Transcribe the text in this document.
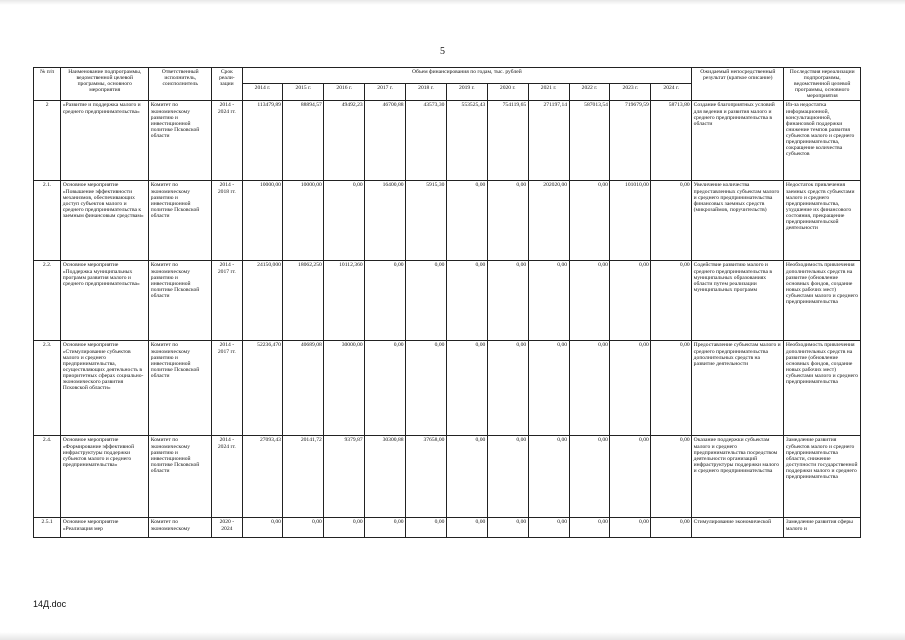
5
№ п/п	Наименование подпрограммы, ведомственной целевой программы, основного мероприятия	Ответственный исполнитель, соисполнитель	Срок реали-зации	Объем финансирования по годам, тыс. рублей											Ожидаемый непосредственный результат (краткое описание)	Последствия нереализации подпрограммы, ведомственной целевой программы, основного мероприятия
				2014 г.	2015 г.	2016 г.	2017 г.	2018 г.	2019 г.	2020 г.	2021 г.	2022 г.	2023 г.	2024 г.		
2	«Развитие и поддержка малого и среднего предпринимательства»	Комитет по экономическому развитию и инвестиционной политике Псковской области	2014 - 2024 гг.	113479,89	88894,57	49492,23	46700,88	43573,30	553525,43	754119,65	271197,14	587013,54	719679,59	58713,80	Создание благоприятных условий для ведения и развития малого и среднего предпринимательства в области	Из-за недостатка информационной, консультационной, финансовой поддержки снижение темпов развития субъектов малого и среднего предпринимательства, сокращение количества субъектов
2.1.	Основное мероприятие «Повышение эффективности механизмов, обеспечивающих доступ субъектов малого и среднего предпринимательства к заемным финансовым средствам»	Комитет по экономическому развитию и инвестиционной политике Псковской области	2014 - 2018 гг.	10000,00	10000,00	0,00	16400,00	5915,30	0,00	0,00	202020,00	0,00	101010,00	0,00	Увеличение количества предоставленных субъектам малого и среднего предпринимательства финансовых заемных средств (микрозаймов, поручительств)	Недостаток привлечения заемных средств субъектами малого и среднего предпринимательства, ухудшение их финансового состояния, прекращение предпринимательской деятельности
2.2.	Основное мероприятие «Поддержка муниципальных программ развития малого и среднего предпринимательства»	Комитет по экономическому развитию и инвестиционной политике Псковской области	2014 - 2017 гг.	24150,000	18062,250	10112,360	0,00	0,00	0,00	0,00	0,00	0,00	0,00	0,00	Содействие развитию малого и среднего предпринимательства в муниципальных образованиях области путем реализации муниципальных программ	Необходимость привлечения дополнительных средств на развитие (обновление основных фондов, создание новых рабочих мест) субъектами малого и среднего предпринимательства
2.3.	Основное мероприятие «Стимулирование субъектов малого и среднего предпринимательства, осуществляющих деятельность в приоритетных сферах социально-экономического развития Псковской области»	Комитет по экономическому развитию и инвестиционной политике Псковской области	2014 - 2017 гг.	52236,470	40689,08	30000,00	0,00	0,00	0,00	0,00	0,00	0,00	0,00	0,00	Предоставление субъектам малого и среднего предпринимательства дополнительных средств на развитие деятельности	Необходимость привлечения дополнительных средств на развитие (обновление основных фондов, создание новых рабочих мест) субъектами малого и среднего предпринимательства
2.4.	Основное мероприятие «Формирование эффективной инфраструктуры поддержки субъектов малого и среднего предпринимательства»	Комитет по экономическому развитию и инвестиционной политике Псковской области	2014 - 2024 гг.	27093,43	20141,72	9379,87	30300,88	37658,00	0,00	0,00	0,00	0,00	0,00	0,00	Оказание поддержки субъектам малого и среднего предпринимательства посредством деятельности организаций инфраструктуры поддержки малого и среднего предпринимательства	Замедление развития субъектов малого и среднего предпринимательства области, снижение доступности государственной поддержки малого и среднего предпринимательства
2.5.1	Основное мероприятие «Реализация мер	Комитет по экономическому	2020 - 2024	0,00	0,00	0,00	0,00	0,00	0,00	0,00	0,00	0,00	0,00	0,00	Стимулирование экономической	Замедление развития сферы малого и
14Д.doc
